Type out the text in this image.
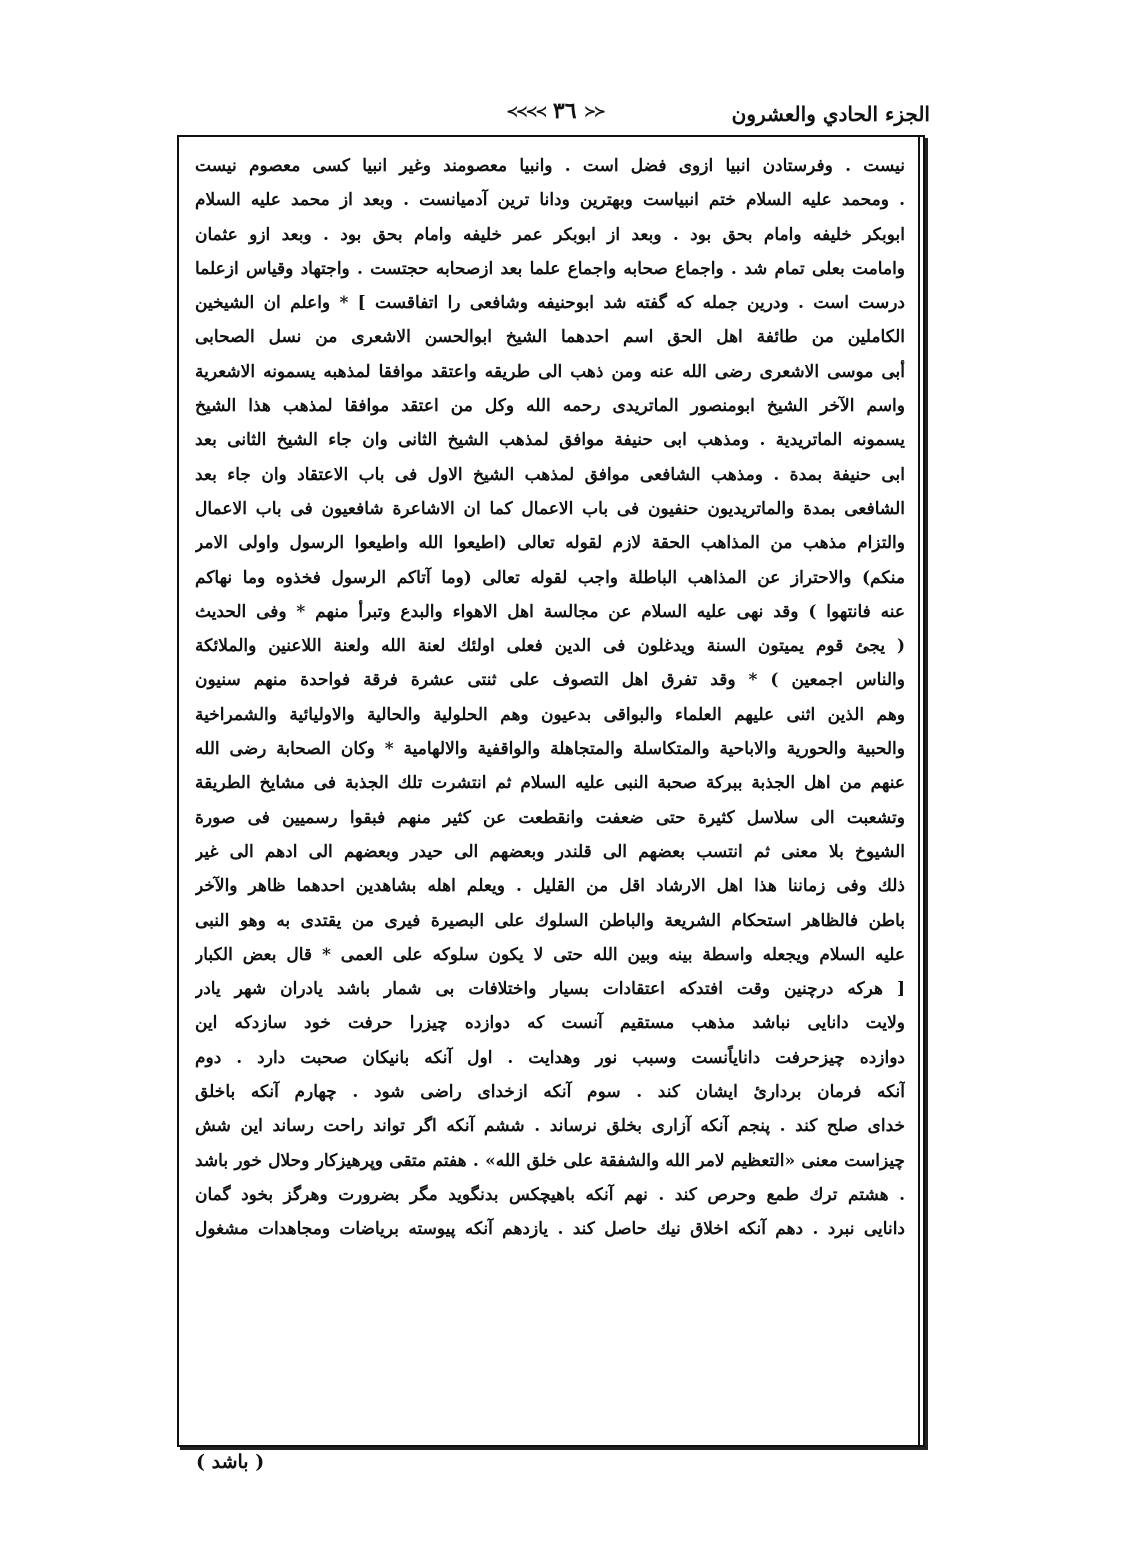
الجزء الحادي والعشرون
≺≺≺≺ ٣٦ ≻≻
نيست . وفرستادن انبيا ازوى فضل است . وانبيا معصومند وغير انبيا كسى معصوم نيست
. ومحمد عليه السلام ختم انبياست وبهترين ودانا ترين آدميانست . وبعد از محمد عليه السلام
ابوبكر خليفه وامام بحق بود . وبعد از ابوبكر عمر خليفه وامام بحق بود . وبعد ازو عثمان
وامامت بعلى تمام شد . واجماع صحابه واجماع علما بعد ازصحابه حجتست . واجتهاد وقياس ازعلما
درست است . ودرين جمله كه گفته شد ابوحنيفه وشافعى را اتفاقست ] * واعلم ان الشيخين
الكاملين من طائفة اهل الحق اسم احدهما الشيخ ابوالحسن الاشعرى من نسل الصحابى
أبى موسى الاشعرى رضى الله عنه ومن ذهب الى طريقه واعتقد موافقا لمذهبه يسمونه الاشعرية
واسم الآخر الشيخ ابومنصور الماتريدى رحمه الله وكل من اعتقد موافقا لمذهب هذا الشيخ
يسمونه الماتريدية . ومذهب ابى حنيفة موافق لمذهب الشيخ الثانى وان جاء الشيخ الثانى بعد
ابى حنيفة بمدة . ومذهب الشافعى موافق لمذهب الشيخ الاول فى باب الاعتقاد وان جاء بعد
الشافعى بمدة والماتريديون حنفيون فى باب الاعمال كما ان الاشاعرة شافعيون فى باب الاعمال
والتزام مذهب من المذاهب الحقة لازم لقوله تعالى (اطيعوا الله واطيعوا الرسول واولى الامر
منكم) والاحتراز عن المذاهب الباطلة واجب لقوله تعالى (وما آتاكم الرسول فخذوه وما نهاكم
عنه فانتهوا ) وقد نهى عليه السلام عن مجالسة اهل الاهواء والبدع وتبرأ منهم * وفى الحديث
( يجئ قوم يميتون السنة ويدغلون فى الدين فعلى اولئك لعنة الله ولعنة اللاعنين والملائكة
والناس اجمعين ) * وقد تفرق اهل التصوف على ثنتى عشرة فرقة فواحدة منهم سنيون
وهم الذين اثنى عليهم العلماء والبواقى بدعيون وهم الحلولية والحالية والاوليائية والشمراخية
والحبية والحورية والاباحية والمتكاسلة والمتجاهلة والواقفية والالهامية * وكان الصحابة رضى الله
عنهم من اهل الجذبة ببركة صحبة النبى عليه السلام ثم انتشرت تلك الجذبة فى مشايخ الطريقة
وتشعبت الى سلاسل كثيرة حتى ضعفت وانقطعت عن كثير منهم فبقوا رسميين فى صورة
الشيوخ بلا معنى ثم انتسب بعضهم الى قلندر وبعضهم الى حيدر وبعضهم الى ادهم الى غير
ذلك وفى زماننا هذا اهل الارشاد اقل من القليل . ويعلم اهله بشاهدين احدهما ظاهر والآخر
باطن فالظاهر استحكام الشريعة والباطن السلوك على البصيرة فيرى من يقتدى به وهو النبى
عليه السلام ويجعله واسطة بينه وبين الله حتى لا يكون سلوكه على العمى * قال بعض الكبار
[ هركه درچنين وقت افتدكه اعتقادات بسيار واختلافات بى شمار باشد يادران شهر يادر
ولايت دانايى نباشد مذهب مستقيم آنست كه دوازده چيزرا حرفت خود سازدكه اين
دوازده چيزحرفت داناياًنست وسبب نور وهدايت . اول آنكه بانيكان صحبت دارد . دوم
آنكه فرمان بردارئ ايشان كند . سوم آنكه ازخداى راضى شود . چهارم آنكه باخلق
خداى صلح كند . پنجم آنكه آزارى بخلق نرساند . ششم آنكه اگر تواند راحت رساند اين شش
چيزاست معنى «التعظيم لامر الله والشفقة على خلق الله» . هفتم متقى وپرهيزكار وحلال خور باشد
. هشتم ترك طمع وحرص كند . نهم آنكه باهيچكس بدنگويد مگر بضرورت وهرگز بخود گمان
دانايى نبرد . دهم آنكه اخلاق نيك حاصل كند . يازدهم آنكه پيوسته برياضات ومجاهدات مشغول
( باشد )
